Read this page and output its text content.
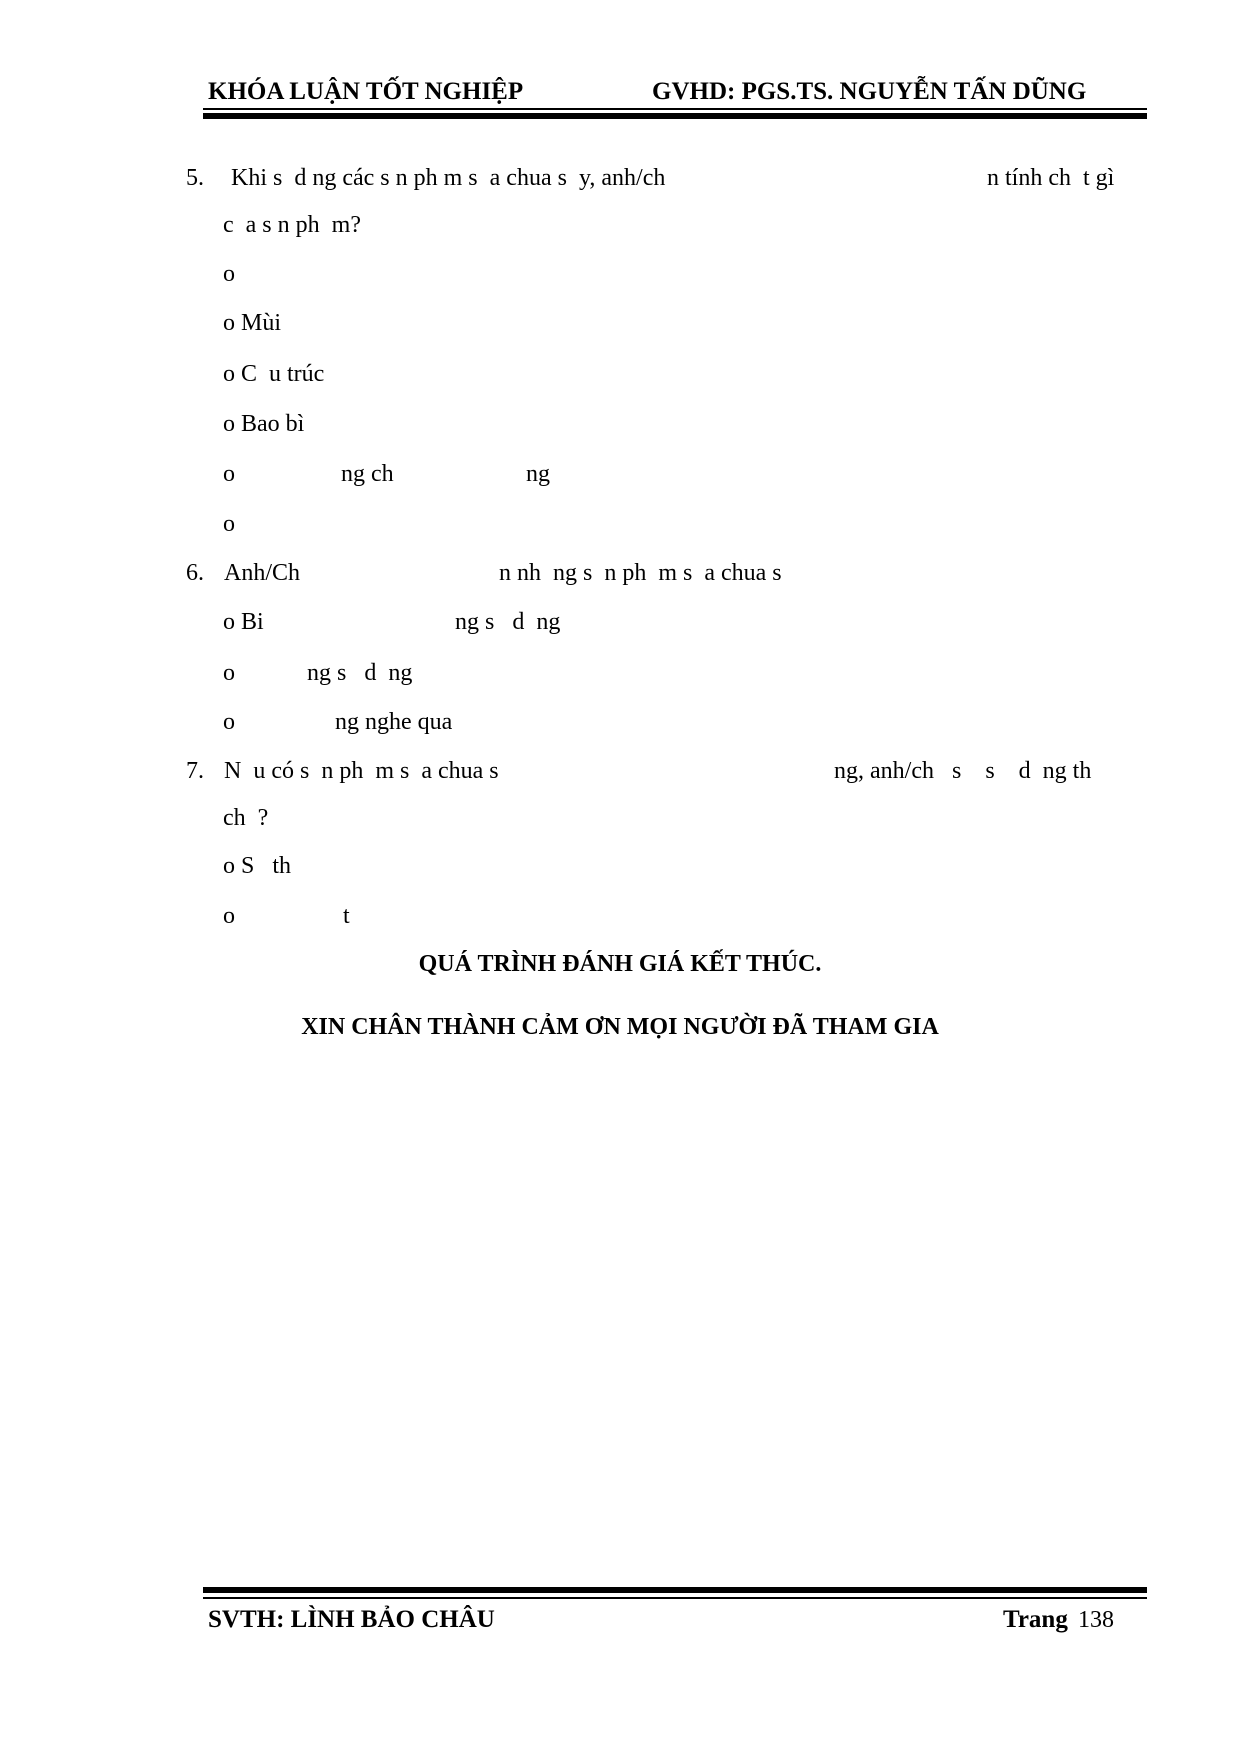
KHÓA LUẬN TỐT NGHIỆP	GVHD: PGS.TS. NGUYỄN TẤN DŨNG
5. Khi s  d ng các s n ph m s  a chua s  y, anh/ch	n tính ch  t gì
c  a s n ph  m?
o
o Mùi
o C  u trúc
o Bao bì
o	ng ch	ng
o
6. Anh/Ch	n nh  ng s  n ph  m s  a chua s
o Bi	ng s   d  ng
o	ng s   d  ng
o	ng nghe qua
7. N  u có s  n ph  m s  a chua s	ng, anh/ch   s    s    d  ng th
ch  ?
o S   th
o	t
QUÁ TRÌNH ĐÁNH GIÁ KẾT THÚC.
XIN CHÂN THÀNH CẢM ƠN MỌI NGƯỜI ĐÃ THAM GIA
SVTH: LÌNH BẢO CHÂU	Trang 138
